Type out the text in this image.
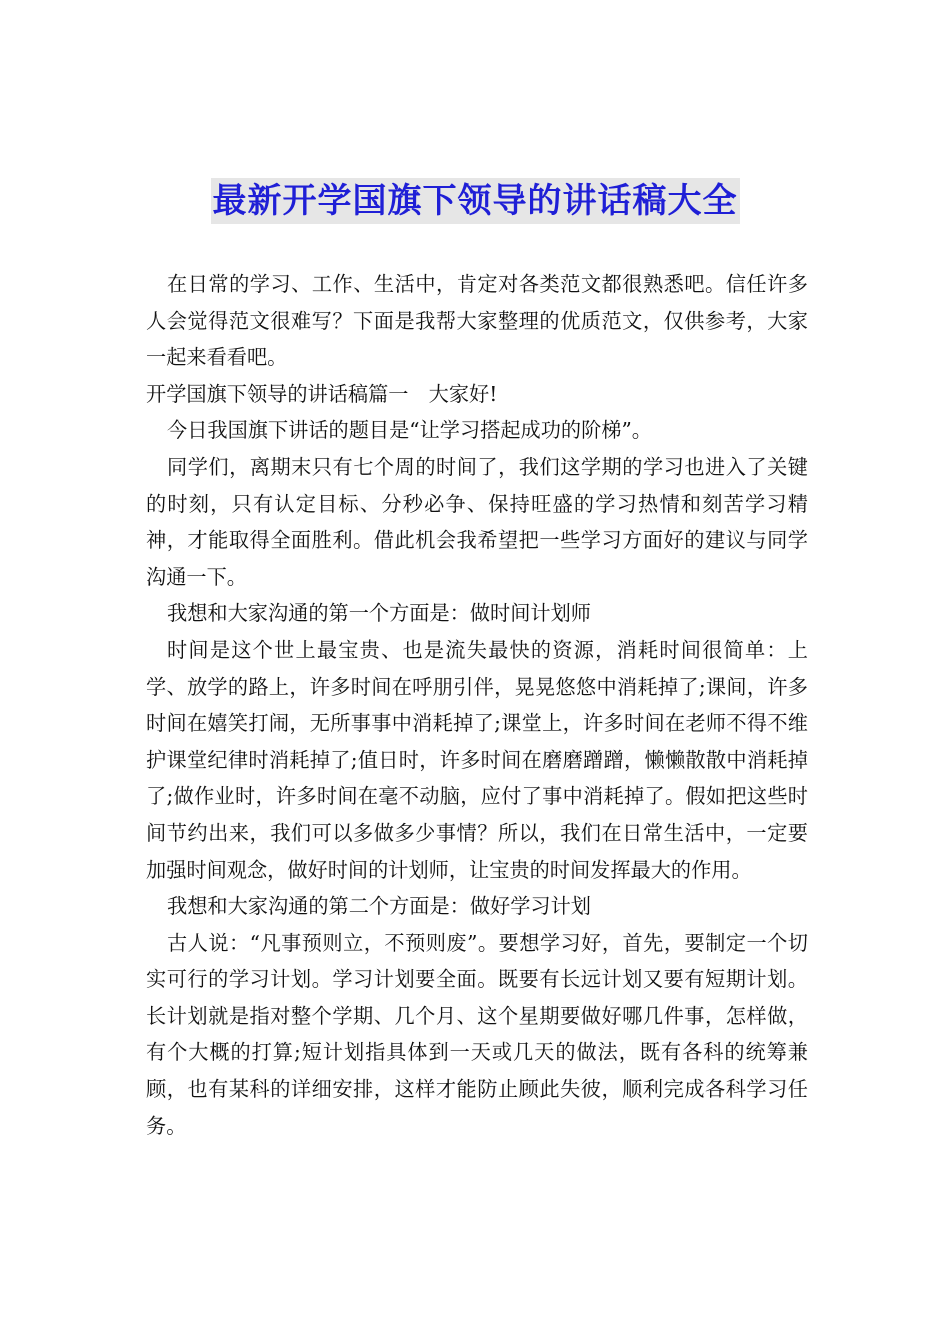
最新开学国旗下领导的讲话稿大全

在日常的学习、工作、生活中，肯定对各类范文都很熟悉吧。信任许多人会觉得范文很难写？下面是我帮大家整理的优质范文，仅供参考，大家一起来看看吧。

开学国旗下领导的讲话稿篇一　大家好!

今日我国旗下讲话的题目是“让学习搭起成功的阶梯”。

同学们，离期末只有七个周的时间了，我们这学期的学习也进入了关键的时刻，只有认定目标、分秒必争、保持旺盛的学习热情和刻苦学习精神，才能取得全面胜利。借此机会我希望把一些学习方面好的建议与同学沟通一下。

我想和大家沟通的第一个方面是：做时间计划师

时间是这个世上最宝贵、也是流失最快的资源，消耗时间很简单：上学、放学的路上，许多时间在呼朋引伴，晃晃悠悠中消耗掉了;课间，许多时间在嬉笑打闹，无所事事中消耗掉了;课堂上，许多时间在老师不得不维护课堂纪律时消耗掉了;值日时，许多时间在磨磨蹭蹭，懒懒散散中消耗掉了;做作业时，许多时间在毫不动脑，应付了事中消耗掉了。假如把这些时间节约出来，我们可以多做多少事情？所以，我们在日常生活中，一定要加强时间观念，做好时间的计划师，让宝贵的时间发挥最大的作用。

我想和大家沟通的第二个方面是：做好学习计划

古人说：“凡事预则立，不预则废”。要想学习好，首先，要制定一个切实可行的学习计划。学习计划要全面。既要有长远计划又要有短期计划。长计划就是指对整个学期、几个月、这个星期要做好哪几件事，怎样做，有个大概的打算;短计划指具体到一天或几天的做法，既有各科的统筹兼顾，也有某科的详细安排，这样才能防止顾此失彼，顺利完成各科学习任务。
